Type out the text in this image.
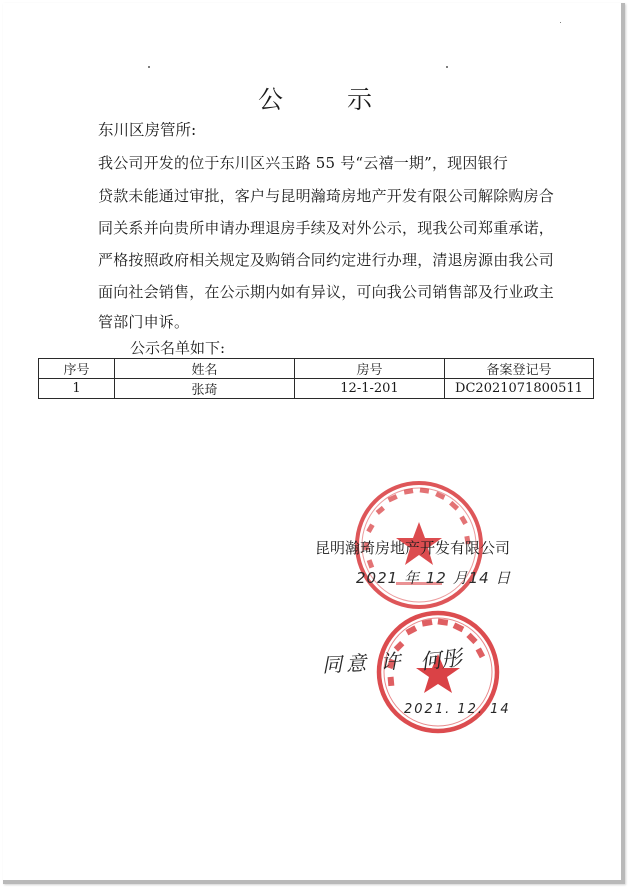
公 示
东川区房管所:
我公司开发的位于东川区兴玉路 55 号“云禧一期”，现因银行
贷款未能通过审批，客户与昆明瀚琦房地产开发有限公司解除购房合
同关系并向贵所申请办理退房手续及对外公示，现我公司郑重承诺，
严格按照政府相关规定及购销合同约定进行办理，清退房源由我公司
面向社会销售，在公示期内如有异议，可向我公司销售部及行业政主
管部门申诉。
公示名单如下:
序号	姓名	房号	备案登记号
1	张琦	12-1-201	DC2021071800511
昆明瀚琦房地产开发有限公司
2021 年 12 月14 日
同意 许 何彤
2021. 12. 14
